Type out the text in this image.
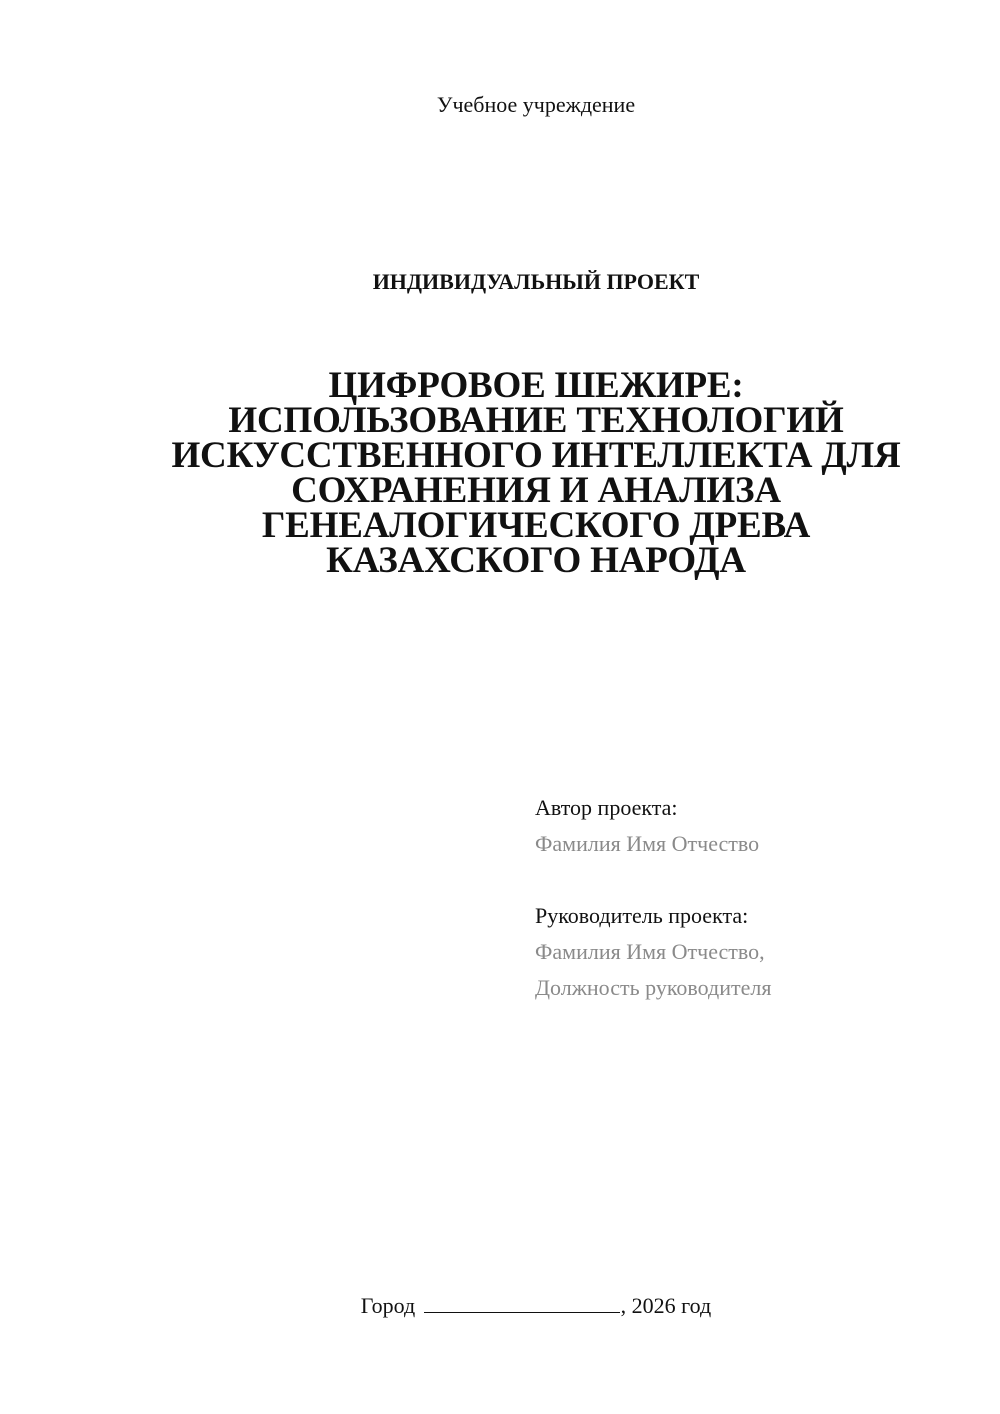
Учебное учреждение
ИНДИВИДУАЛЬНЫЙ ПРОЕКТ
ЦИФРОВОЕ ШЕЖИРЕ:
ИСПОЛЬЗОВАНИЕ ТЕХНОЛОГИЙ
ИСКУССТВЕННОГО ИНТЕЛЛЕКТА ДЛЯ
СОХРАНЕНИЯ И АНАЛИЗА
ГЕНЕАЛОГИЧЕСКОГО ДРЕВА
КАЗАХСКОГО НАРОДА
Автор проекта:
Фамилия Имя Отчество
Руководитель проекта:
Фамилия Имя Отчество,
Должность руководителя
Город	, 2026 год
